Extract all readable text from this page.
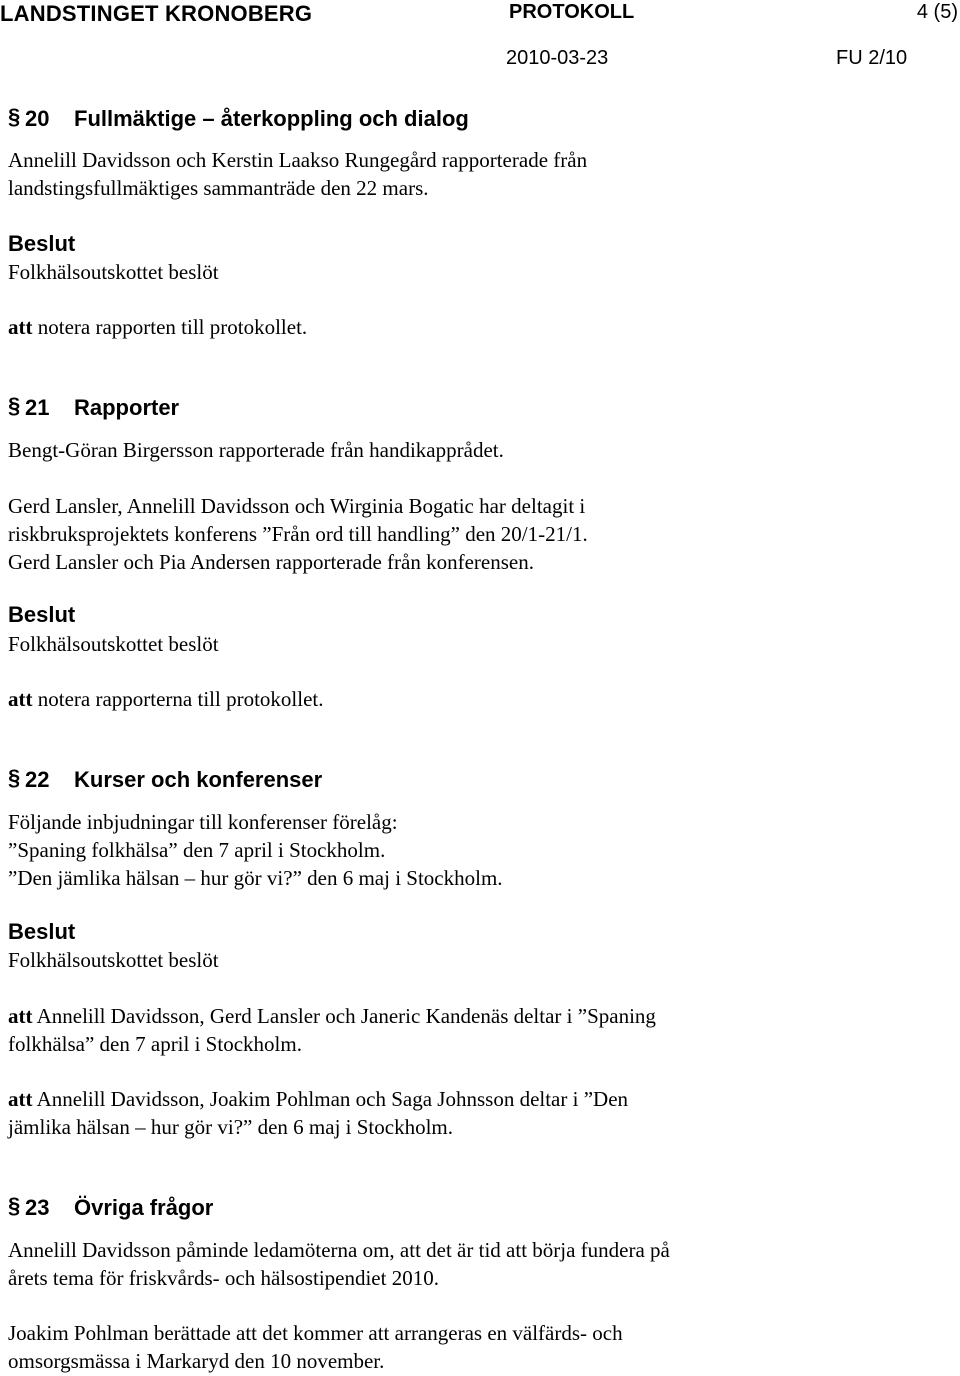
LANDSTINGET KRONOBERG	PROTOKOLL	4 (5)
2010-03-23	FU 2/10
§ 20 Fullmäktige – återkoppling och dialog
Annelill Davidsson och Kerstin Laakso Rungegård rapporterade från
landstingsfullmäktiges sammanträde den 22 mars.
Beslut
Folkhälsoutskottet beslöt
att notera rapporten till protokollet.
§ 21 Rapporter
Bengt-Göran Birgersson rapporterade från handikapprådet.
Gerd Lansler, Annelill Davidsson och Wirginia Bogatic har deltagit i
riskbruksprojektets konferens ”Från ord till handling” den 20/1-21/1.
Gerd Lansler och Pia Andersen rapporterade från konferensen.
Beslut
Folkhälsoutskottet beslöt
att notera rapporterna till protokollet.
§ 22 Kurser och konferenser
Följande inbjudningar till konferenser förelåg:
”Spaning folkhälsa” den 7 april i Stockholm.
”Den jämlika hälsan – hur gör vi?” den 6 maj i Stockholm.
Beslut
Folkhälsoutskottet beslöt
att Annelill Davidsson, Gerd Lansler och Janeric Kandenäs deltar i ”Spaning
folkhälsa” den 7 april i Stockholm.
att Annelill Davidsson, Joakim Pohlman och Saga Johnsson deltar i ”Den
jämlika hälsan – hur gör vi?” den 6 maj i Stockholm.
§ 23 Övriga frågor
Annelill Davidsson påminde ledamöterna om, att det är tid att börja fundera på
årets tema för friskvårds- och hälsostipendiet 2010.
Joakim Pohlman berättade att det kommer att arrangeras en välfärds- och
omsorgsmässa i Markaryd den 10 november.
